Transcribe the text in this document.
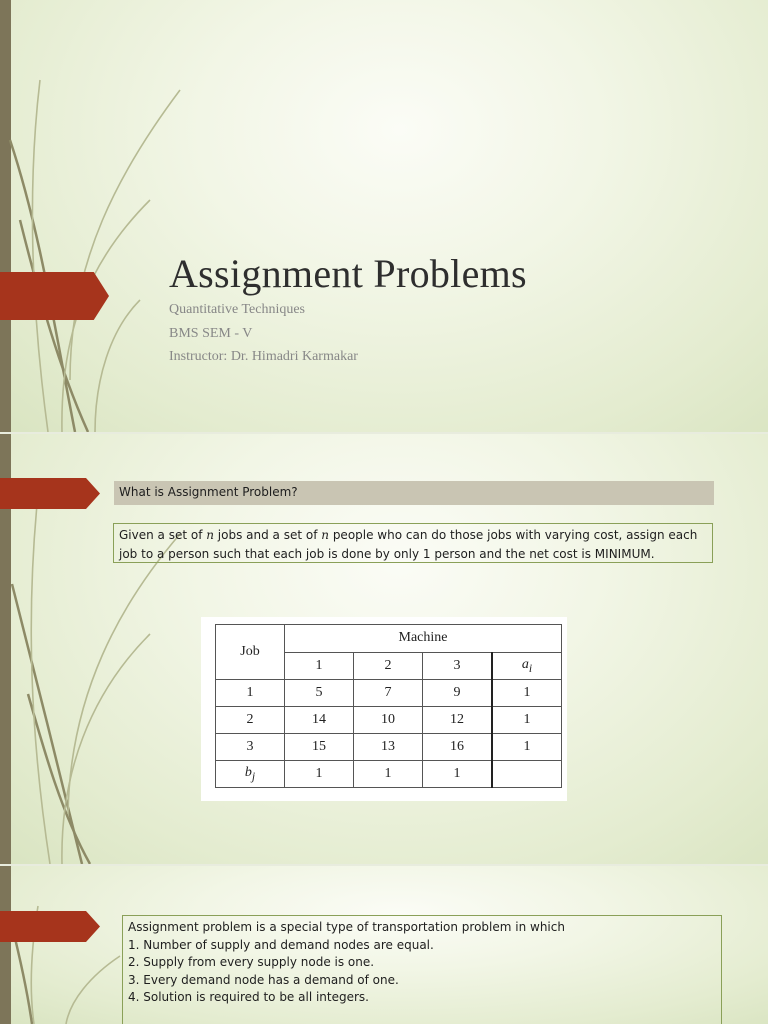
Assignment Problems
Quantitative Techniques
BMS SEM - V
Instructor: Dr. Himadri Karmakar
What is Assignment Problem?
Given a set of n jobs and a set of n people who can do those jobs with varying cost, assign each job to a person such that each job is done by only 1 person and the net cost is MINIMUM.
Job	Machine			
	1	2	3	$a_i$
1	5	7	9	1
2	14	10	12	1
3	15	13	16	1
$b_j$	1	1	1	
Assignment problem is a special type of transportation problem in which
1. Number of supply and demand nodes are equal.
2. Supply from every supply node is one.
3. Every demand node has a demand of one.
4. Solution is required to be all integers.
